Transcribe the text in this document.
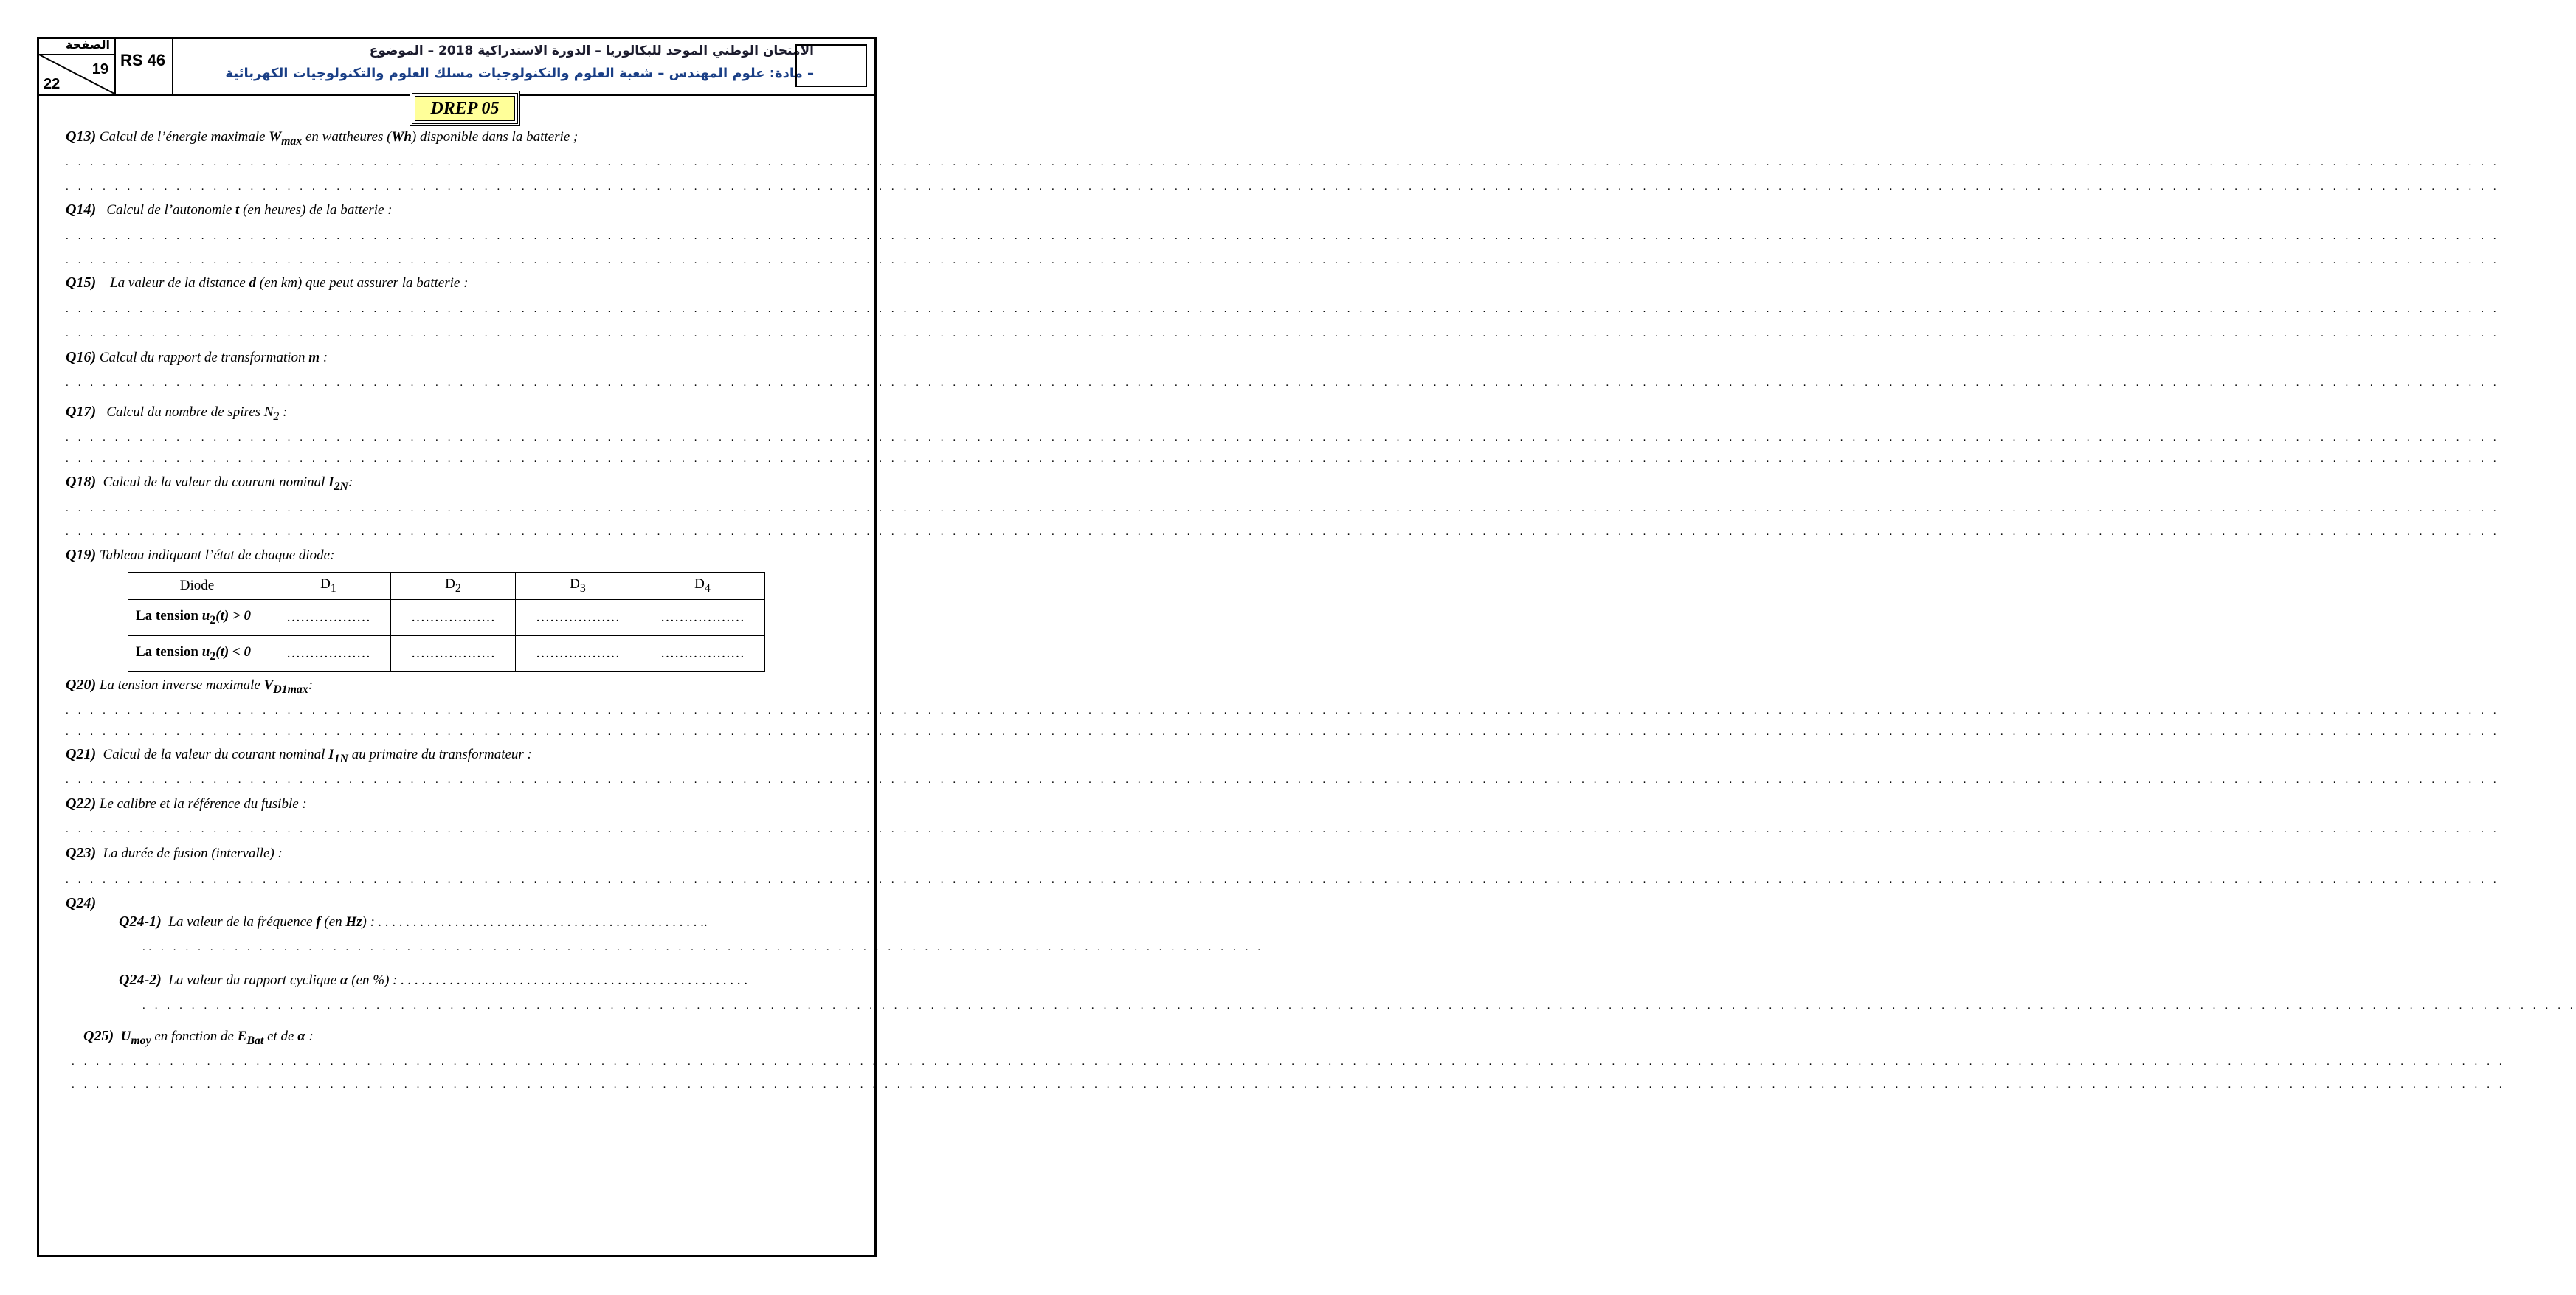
الصفحة
19
22
RS 46	الامتحان الوطني الموحد للبكالوريا – الدورة الاستدراكية 2018 – الموضوع
– مادة: علوم المهندس – شعبة العلوم والتكنولوجيات مسلك العلوم والتكنولوجيات الكهربائية
DREP 05
Q13) Calcul de l’énergie maximale $W_{max}$ en wattheures (Wh) disponible dans la batterie ;
. . . . . . . . . . . . . . . . . . . . . . . . . . . . . . . . . . . . . . . . . . . . . . . . . . . . . . . . . . . . . . . . . . . . . . . . . . . . . . . . . . . . . . . . . . . . . . . . . . . . . . . . . . . . . . . . . . . . . . . . . . . . . . . . . . . . . . . . . . . . . . . . . . . . . . . . . . . . . . . . . . . . . . . . . . . . . . . . . . . . . . . . . . . . . . . . . . . . . .
. . . . . . . . . . . . . . . . . . . . . . . . . . . . . . . . . . . . . . . . . . . . . . . . . . . . . . . . . . . . . . . . . . . . . . . . . . . . . . . . . . . . . . . . . . . . . . . . . . . . . . . . . . . . . . . . . . . . . . . . . . . . . . . . . . . . . . . . . . . . . . . . . . . . . . . . . . . . . . . . . . . . . . . . . . . . . . . . . . . . . . . . . . . . . . . . . . . . . .
Q14) Calcul de l’autonomie t (en heures) de la batterie :
. . . . . . . . . . . . . . . . . . . . . . . . . . . . . . . . . . . . . . . . . . . . . . . . . . . . . . . . . . . . . . . . . . . . . . . . . . . . . . . . . . . . . . . . . . . . . . . . . . . . . . . . . . . . . . . . . . . . . . . . . . . . . . . . . . . . . . . . . . . . . . . . . . . . . . . . . . . . . . . . . . . . . . . . . . . . . . . . . . . . . . . . . . . . . . . . . . . . . .
. . . . . . . . . . . . . . . . . . . . . . . . . . . . . . . . . . . . . . . . . . . . . . . . . . . . . . . . . . . . . . . . . . . . . . . . . . . . . . . . . . . . . . . . . . . . . . . . . . . . . . . . . . . . . . . . . . . . . . . . . . . . . . . . . . . . . . . . . . . . . . . . . . . . . . . . . . . . . . . . . . . . . . . . . . . . . . . . . . . . . . . . . . . . . . . . . . . . . .
Q15) La valeur de la distance d (en km) que peut assurer la batterie :
. . . . . . . . . . . . . . . . . . . . . . . . . . . . . . . . . . . . . . . . . . . . . . . . . . . . . . . . . . . . . . . . . . . . . . . . . . . . . . . . . . . . . . . . . . . . . . . . . . . . . . . . . . . . . . . . . . . . . . . . . . . . . . . . . . . . . . . . . . . . . . . . . . . . . . . . . . . . . . . . . . . . . . . . . . . . . . . . . . . . . . . . . . . . . . . . . . . . . .
. . . . . . . . . . . . . . . . . . . . . . . . . . . . . . . . . . . . . . . . . . . . . . . . . . . . . . . . . . . . . . . . . . . . . . . . . . . . . . . . . . . . . . . . . . . . . . . . . . . . . . . . . . . . . . . . . . . . . . . . . . . . . . . . . . . . . . . . . . . . . . . . . . . . . . . . . . . . . . . . . . . . . . . . . . . . . . . . . . . . . . . . . . . . . . . . . . . . . .
Q16) Calcul du rapport de transformation m :
. . . . . . . . . . . . . . . . . . . . . . . . . . . . . . . . . . . . . . . . . . . . . . . . . . . . . . . . . . . . . . . . . . . . . . . . . . . . . . . . . . . . . . . . . . . . . . . . . . . . . . . . . . . . . . . . . . . . . . . . . . . . . . . . . . . . . . . . . . . . . . . . . . . . . . . . . . . . . . . . . . . . . . . . . . . . . . . . . . . . . . . . . . . . . . . . . . . . . .
Q17) Calcul du nombre de spires $N_2$ :
. . . . . . . . . . . . . . . . . . . . . . . . . . . . . . . . . . . . . . . . . . . . . . . . . . . . . . . . . . . . . . . . . . . . . . . . . . . . . . . . . . . . . . . . . . . . . . . . . . . . . . . . . . . . . . . . . . . . . . . . . . . . . . . . . . . . . . . . . . . . . . . . . . . . . . . . . . . . . . . . . . . . . . . . . . . . . . . . . . . . . . . . . . . . . . . . . . . . . .
. . . . . . . . . . . . . . . . . . . . . . . . . . . . . . . . . . . . . . . . . . . . . . . . . . . . . . . . . . . . . . . . . . . . . . . . . . . . . . . . . . . . . . . . . . . . . . . . . . . . . . . . . . . . . . . . . . . . . . . . . . . . . . . . . . . . . . . . . . . . . . . . . . . . . . . . . . . . . . . . . . . . . . . . . . . . . . . . . . . . . . . . . . . . . . . . . . . . . .
Q18) Calcul de la valeur du courant nominal $I_{2N}$:
. . . . . . . . . . . . . . . . . . . . . . . . . . . . . . . . . . . . . . . . . . . . . . . . . . . . . . . . . . . . . . . . . . . . . . . . . . . . . . . . . . . . . . . . . . . . . . . . . . . . . . . . . . . . . . . . . . . . . . . . . . . . . . . . . . . . . . . . . . . . . . . . . . . . . . . . . . . . . . . . . . . . . . . . . . . . . . . . . . . . . . . . . . . . . . . . . . . . . .
. . . . . . . . . . . . . . . . . . . . . . . . . . . . . . . . . . . . . . . . . . . . . . . . . . . . . . . . . . . . . . . . . . . . . . . . . . . . . . . . . . . . . . . . . . . . . . . . . . . . . . . . . . . . . . . . . . . . . . . . . . . . . . . . . . . . . . . . . . . . . . . . . . . . . . . . . . . . . . . . . . . . . . . . . . . . . . . . . . . . . . . . . . . . . . . . . . . . . .
Q19) Tableau indiquant l’état de chaque diode:
Diode	$D_1$	$D_2$	$D_3$	$D_4$
La tension $u_2(t) > 0$	………………	………………	………………	………………
La tension $u_2(t) < 0$	………………	………………	………………	………………
Q20) La tension inverse maximale $V_{D1max}$:
. . . . . . . . . . . . . . . . . . . . . . . . . . . . . . . . . . . . . . . . . . . . . . . . . . . . . . . . . . . . . . . . . . . . . . . . . . . . . . . . . . . . . . . . . . . . . . . . . . . . . . . . . . . . . . . . . . . . . . . . . . . . . . . . . . . . . . . . . . . . . . . . . . . . . . . . . . . . . . . . . . . . . . . . . . . . . . . . . . . . . . . . . . . . . . . . . . . . . .
. . . . . . . . . . . . . . . . . . . . . . . . . . . . . . . . . . . . . . . . . . . . . . . . . . . . . . . . . . . . . . . . . . . . . . . . . . . . . . . . . . . . . . . . . . . . . . . . . . . . . . . . . . . . . . . . . . . . . . . . . . . . . . . . . . . . . . . . . . . . . . . . . . . . . . . . . . . . . . . . . . . . . . . . . . . . . . . . . . . . . . . . . . . . . . . . . . . . . .
Q21) Calcul de la valeur du courant nominal $I_{1N}$ au primaire du transformateur :
. . . . . . . . . . . . . . . . . . . . . . . . . . . . . . . . . . . . . . . . . . . . . . . . . . . . . . . . . . . . . . . . . . . . . . . . . . . . . . . . . . . . . . . . . . . . . . . . . . . . . . . . . . . . . . . . . . . . . . . . . . . . . . . . . . . . . . . . . . . . . . . . . . . . . . . . . . . . . . . . . . . . . . . . . . . . . . . . . . . . . . . . . . . . . . . . . . . . . .
Q22) Le calibre et la référence du fusible :
. . . . . . . . . . . . . . . . . . . . . . . . . . . . . . . . . . . . . . . . . . . . . . . . . . . . . . . . . . . . . . . . . . . . . . . . . . . . . . . . . . . . . . . . . . . . . . . . . . . . . . . . . . . . . . . . . . . . . . . . . . . . . . . . . . . . . . . . . . . . . . . . . . . . . . . . . . . . . . . . . . . . . . . . . . . . . . . . . . . . . . . . . . . . . . . . . . . . . .
Q23) La durée de fusion (intervalle) :
. . . . . . . . . . . . . . . . . . . . . . . . . . . . . . . . . . . . . . . . . . . . . . . . . . . . . . . . . . . . . . . . . . . . . . . . . . . . . . . . . . . . . . . . . . . . . . . . . . . . . . . . . . . . . . . . . . . . . . . . . . . . . . . . . . . . . . . . . . . . . . . . . . . . . . . . . . . . . . . . . . . . . . . . . . . . . . . . . . . . . . . . . . . . . . . . . . . . . .
Q24)
Q24-1) La valeur de la fréquence f (en Hz) : . . . . . . . . . . . . . . . . . . . . . . . . . . . . . . . . . . . . . . . . . . . . . . ..
.. . . . . . . . . . . . . . . . . . . . . . . . . . . . . . . . . . . . . . . . . . . . . . . . . . . . . . . . . . . . . . . . . . . . . . . . . . . . . . . . . . . . . . . . . . .
Q24-2) La valeur du rapport cyclique α (en %) : . . . . . . . . . . . . . . . . . . . . . . . . . . . . . . . . . . . . . . . . . . . . . . . . . .
. . . . . . . . . . . . . . . . . . . . . . . . . . . . . . . . . . . . . . . . . . . . . . . . . . . . . . . . . . . . . . . . . . . . . . . . . . . . . . . . . . . . . . . . . . . . . . . . . . . . . . . . . . . . . . . . . . . . . . . . . . . . . . . . . . . . . . . . . . . . . . . . . . . . . . . . . . . . . . . . . . . . . . . . . . . . . . . . . . . . . . . . . . . . . . . . . . . . . .
Q25) $U_{moy}$ en fonction de $E_{Bat}$ et de α :
. . . . . . . . . . . . . . . . . . . . . . . . . . . . . . . . . . . . . . . . . . . . . . . . . . . . . . . . . . . . . . . . . . . . . . . . . . . . . . . . . . . . . . . . . . . . . . . . . . . . . . . . . . . . . . . . . . . . . . . . . . . . . . . . . . . . . . . . . . . . . . . . . . . . . . . . . . . . . . . . . . . . . . . . . . . . . . . . . . . . . . . . . . . . . . . . . . . . . .
. . . . . . . . . . . . . . . . . . . . . . . . . . . . . . . . . . . . . . . . . . . . . . . . . . . . . . . . . . . . . . . . . . . . . . . . . . . . . . . . . . . . . . . . . . . . . . . . . . . . . . . . . . . . . . . . . . . . . . . . . . . . . . . . . . . . . . . . . . . . . . . . . . . . . . . . . . . . . . . . . . . . . . . . . . . . . . . . . . . . . . . . . . . . . . . . . . . . . .
